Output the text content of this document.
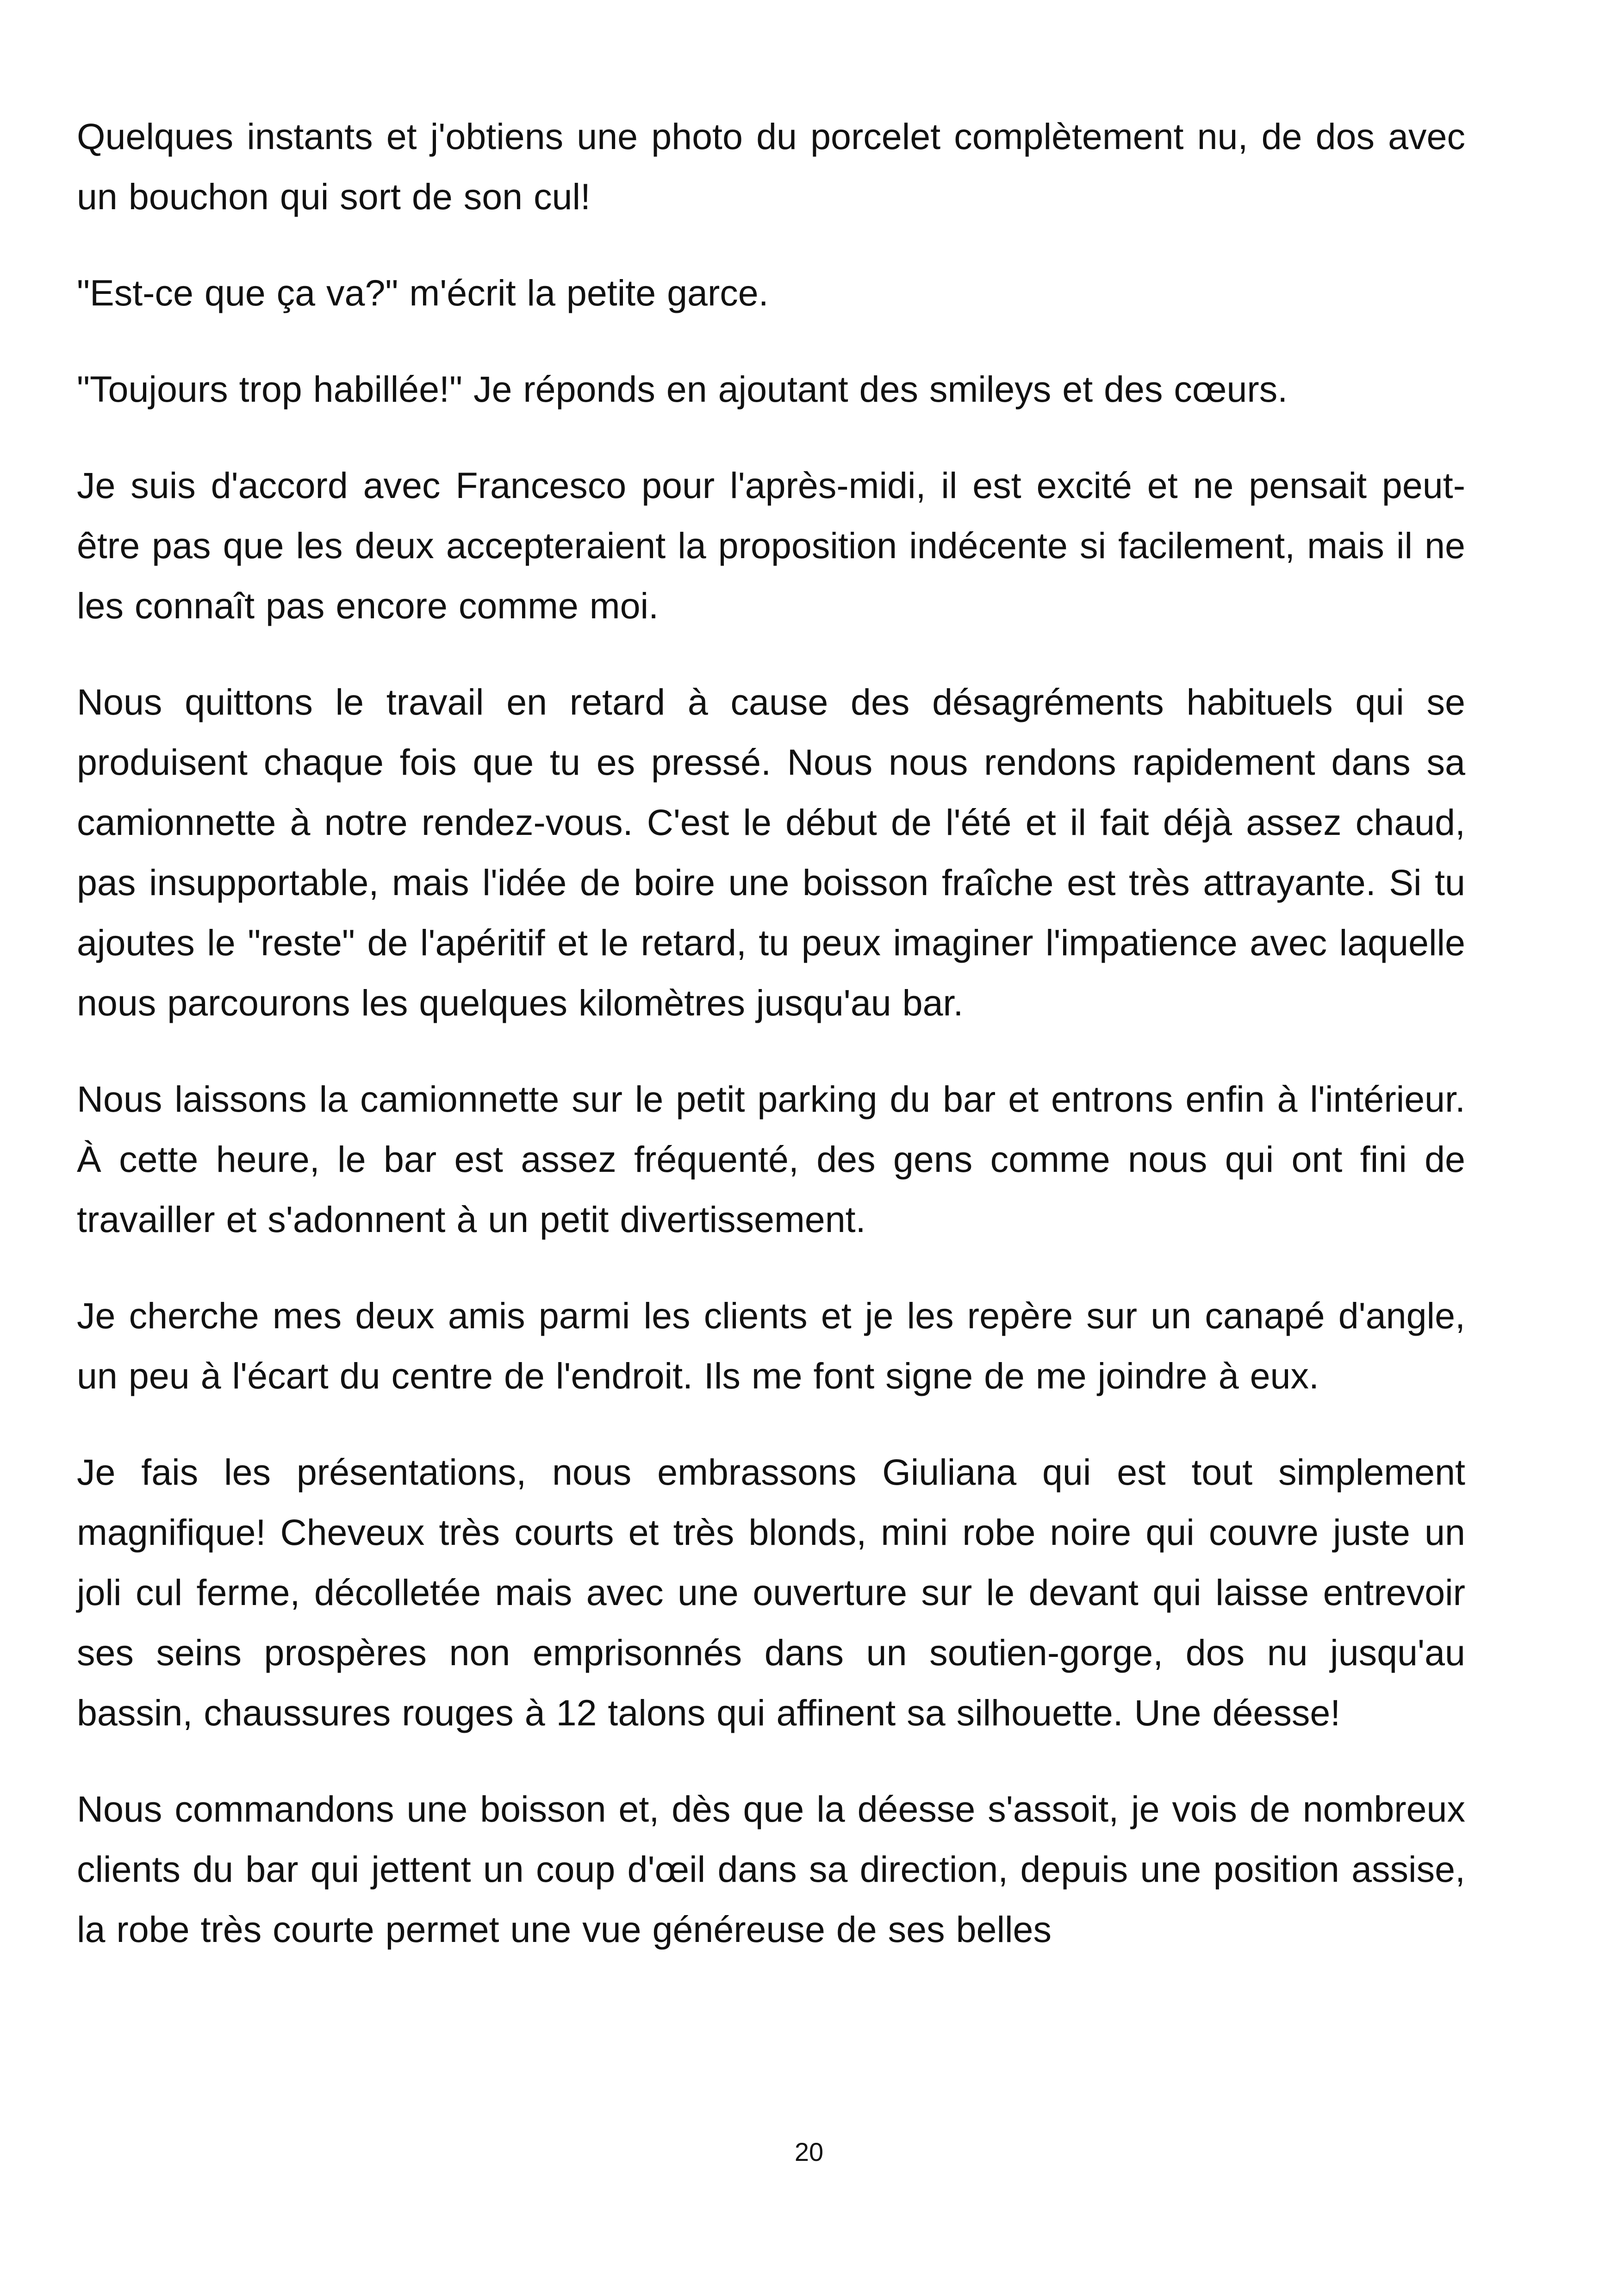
Quelques instants et j'obtiens une photo du porcelet complètement nu, de dos avec un bouchon qui sort de son cul!

"Est-ce que ça va?" m'écrit la petite garce.

"Toujours trop habillée!" Je réponds en ajoutant des smileys et des cœurs.

Je suis d'accord avec Francesco pour l'après-midi, il est excité et ne pensait peut-être pas que les deux accepteraient la proposition indécente si facilement, mais il ne les connaît pas encore comme moi.

Nous quittons le travail en retard à cause des désagréments habituels qui se produisent chaque fois que tu es pressé. Nous nous rendons rapidement dans sa camionnette à notre rendez-vous. C'est le début de l'été et il fait déjà assez chaud, pas insupportable, mais l'idée de boire une boisson fraîche est très attrayante. Si tu ajoutes le "reste" de l'apéritif et le retard, tu peux imaginer l'impatience avec laquelle nous parcourons les quelques kilomètres jusqu'au bar.

Nous laissons la camionnette sur le petit parking du bar et entrons enfin à l'intérieur. À cette heure, le bar est assez fréquenté, des gens comme nous qui ont fini de travailler et s'adonnent à un petit divertissement.

Je cherche mes deux amis parmi les clients et je les repère sur un canapé d'angle, un peu à l'écart du centre de l'endroit. Ils me font signe de me joindre à eux.

Je fais les présentations, nous embrassons Giuliana qui est tout simplement magnifique! Cheveux très courts et très blonds, mini robe noire qui couvre juste un joli cul ferme, décolletée mais avec une ouverture sur le devant qui laisse entrevoir ses seins prospères non emprisonnés dans un soutien-gorge, dos nu jusqu'au bassin, chaussures rouges à 12 talons qui affinent sa silhouette. Une déesse!

Nous commandons une boisson et, dès que la déesse s'assoit, je vois de nombreux clients du bar qui jettent un coup d'œil dans sa direction, depuis une position assise, la robe très courte permet une vue généreuse de ses belles

20
